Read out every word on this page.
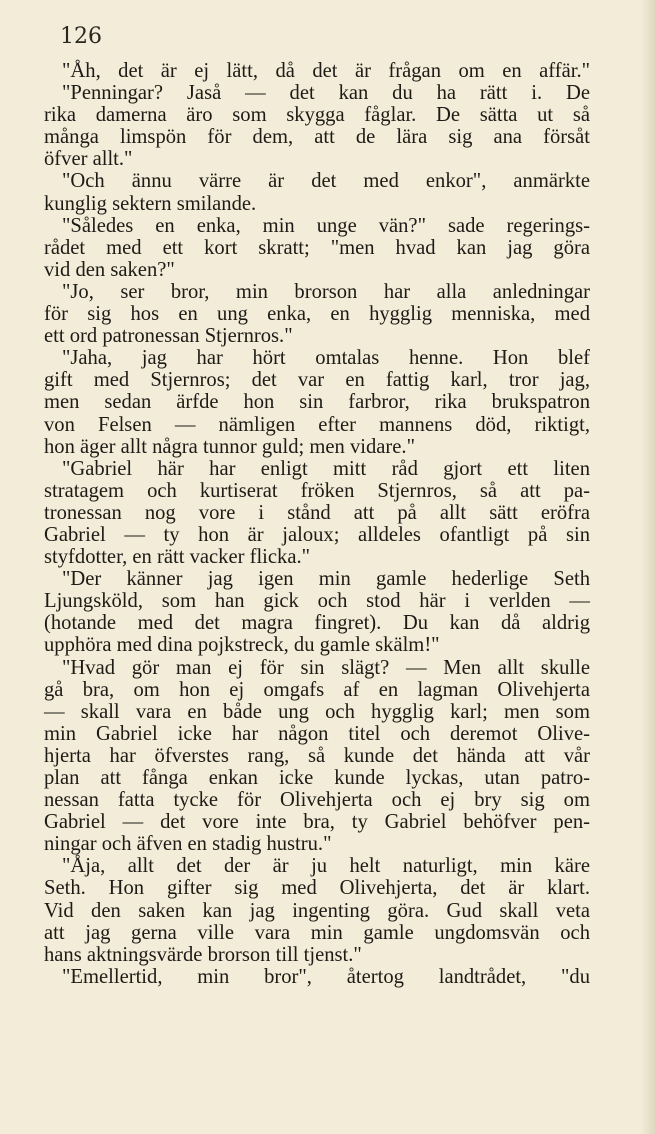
126
"Åh, det är ej lätt, då det är frågan om en affär."
"Penningar? Jaså — det kan du ha rätt i. De
rika damerna äro som skygga fåglar. De sätta ut så
många limspön för dem, att de lära sig ana försåt
öfver allt."
"Och ännu värre är det med enkor", anmärkte
kunglig sektern smilande.
"Således en enka, min unge vän?" sade regerings-
rådet med ett kort skratt; "men hvad kan jag göra
vid den saken?"
"Jo, ser bror, min brorson har alla anledningar
för sig hos en ung enka, en hygglig menniska, med
ett ord patronessan Stjernros."
"Jaha, jag har hört omtalas henne. Hon blef
gift med Stjernros; det var en fattig karl, tror jag,
men sedan ärfde hon sin farbror, rika brukspatron
von Felsen — nämligen efter mannens död, riktigt,
hon äger allt några tunnor guld; men vidare."
"Gabriel här har enligt mitt råd gjort ett liten
stratagem och kurtiserat fröken Stjernros, så att pa-
tronessan nog vore i stånd att på allt sätt eröfra
Gabriel — ty hon är jaloux; alldeles ofantligt på sin
styfdotter, en rätt vacker flicka."
"Der känner jag igen min gamle hederlige Seth
Ljungsköld, som han gick och stod här i verlden —
(hotande med det magra fingret). Du kan då aldrig
upphöra med dina pojkstreck, du gamle skälm!"
"Hvad gör man ej för sin slägt? — Men allt skulle
gå bra, om hon ej omgafs af en lagman Olivehjerta
— skall vara en både ung och hygglig karl; men som
min Gabriel icke har någon titel och deremot Olive-
hjerta har öfverstes rang, så kunde det hända att vår
plan att fånga enkan icke kunde lyckas, utan patro-
nessan fatta tycke för Olivehjerta och ej bry sig om
Gabriel — det vore inte bra, ty Gabriel behöfver pen-
ningar och äfven en stadig hustru."
"Åja, allt det der är ju helt naturligt, min käre
Seth. Hon gifter sig med Olivehjerta, det är klart.
Vid den saken kan jag ingenting göra. Gud skall veta
att jag gerna ville vara min gamle ungdomsvän och
hans aktningsvärde brorson till tjenst."
"Emellertid, min bror", återtog landtrådet, "du
